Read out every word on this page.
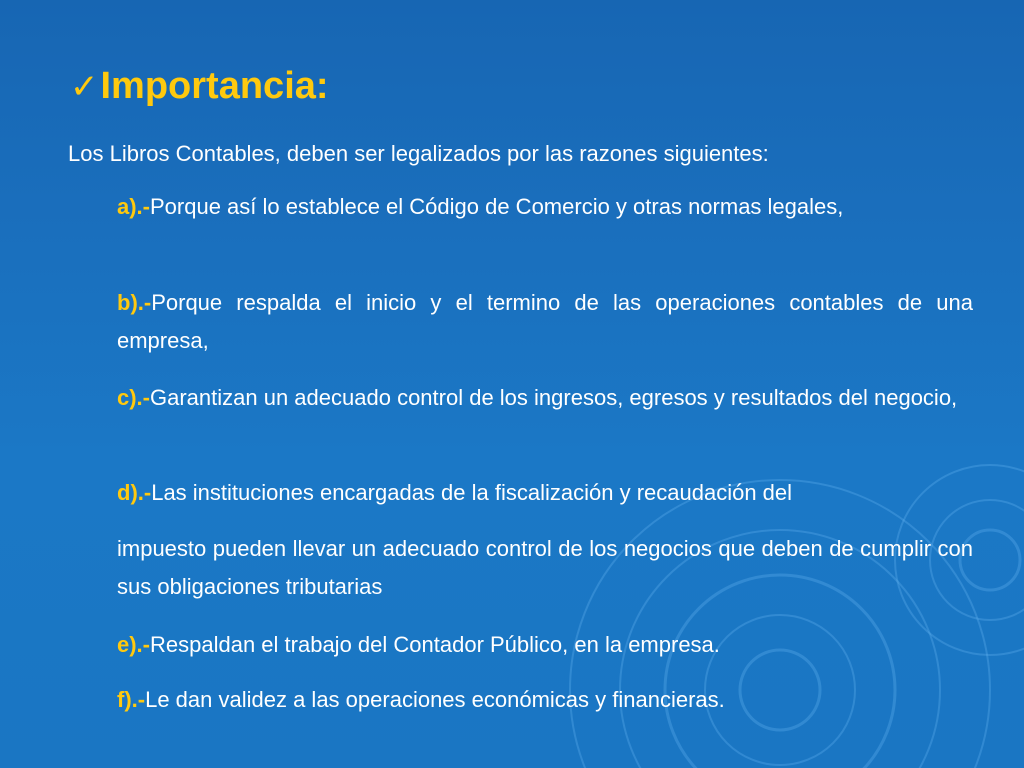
✓Importancia:
Los Libros Contables, deben ser legalizados por las razones siguientes:
a).-Porque así lo establece el Código de Comercio y otras normas legales,
b).-Porque respalda el inicio y el termino de las operaciones contables de una empresa,
c).-Garantizan un adecuado control de los ingresos, egresos y resultados del negocio,
d).-Las instituciones encargadas de la fiscalización y recaudación del
impuesto pueden llevar un adecuado control de los negocios que deben de cumplir con sus obligaciones tributarias
e).-Respaldan el trabajo del Contador Público, en la empresa.
f).-Le dan validez a las operaciones económicas y financieras.
